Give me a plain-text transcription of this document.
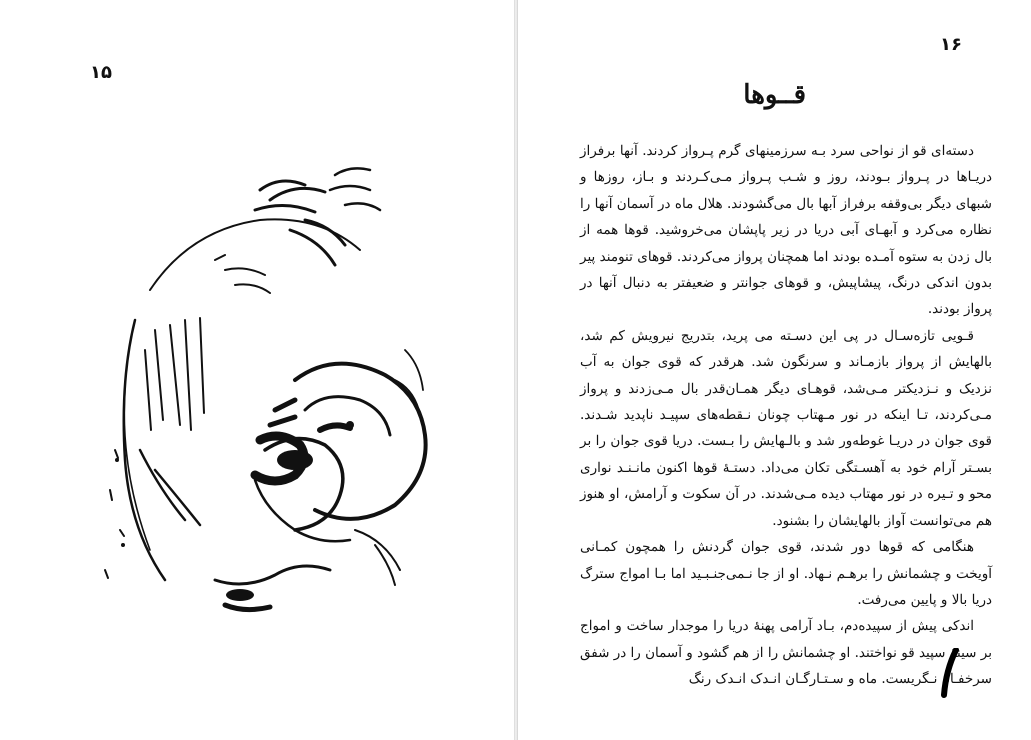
۱۵
۱۶
قــوها

دسته‌ای قو از نواحی سرد بـه سرزمینهای گرم پـرواز کردند. آنها برفراز دریـاها در پـرواز بـودند، روز و شـب پـرواز مـی‌کـردند و بـاز، روزها و شبهای دیگر بی‌وقفه برفراز آبها بال می‌گشودند. هلال ماه در آسمان آنها را نظاره می‌کرد و آبهـای آبی دریا در زیر پاپشان می‌خروشید. قوها همه از بال زدن به ستوه آمـده بودند اما همچنان پرواز می‌کردند. قوهای تنومند پیر بدون اندکی درنگ، پیشاپیش، و قوهای جوانتر و ضعیفتر به دنبال آنها در پرواز بودند.

قـویی تازه‌سـال در پی این دسـته می پرید، بتدریج نیرویش کم شد، بالهایش از پرواز بازمـاند و سرنگون شد. هرقدر که قوی جوان به آب نزدیک و نـزدیکتر مـی‌شد، قوهـای دیگر همـان‌قدر بال مـی‌زدند و پرواز مـی‌کردند، تـا اینکه در نور مـهتاب چونان نـقطه‌های سپیـد ناپدید شـدند. قوی جوان در دریـا غوطه‌ور شد و بالـهایش را بـست. دریا قوی جوان را بر بسـتر آرام خود به آهسـتگی تکان می‌داد. دستـهٔ قوها اکنون مانـنـد نواری محو و تـیره در نور مهتاب دیده مـی‌شدند. در آن سکوت و آرامش، او هنوز هم می‌توانست آواز بالهایشان را بشنود.

هنگامی که قوها دور شدند، قوی جوان گردنش را همچون کمـانی آویخت و چشمانش را برهـم نـهاد. او از جا نـمی‌جنـبـید اما بـا امواج سترگ دریا بالا و پایین می‌رفت.

اندکی پیش از سپیده‌دم، بـاد آرامی پهنهٔ دریا را موجدار ساخت و امواج بر سینهٔ سپید قو نواختند. او چشمانش را از هم گشود و آسمان را در شفق سرخفـام نـگریست. ماه و سـتـارگـان انـدک انـدک رنگ
